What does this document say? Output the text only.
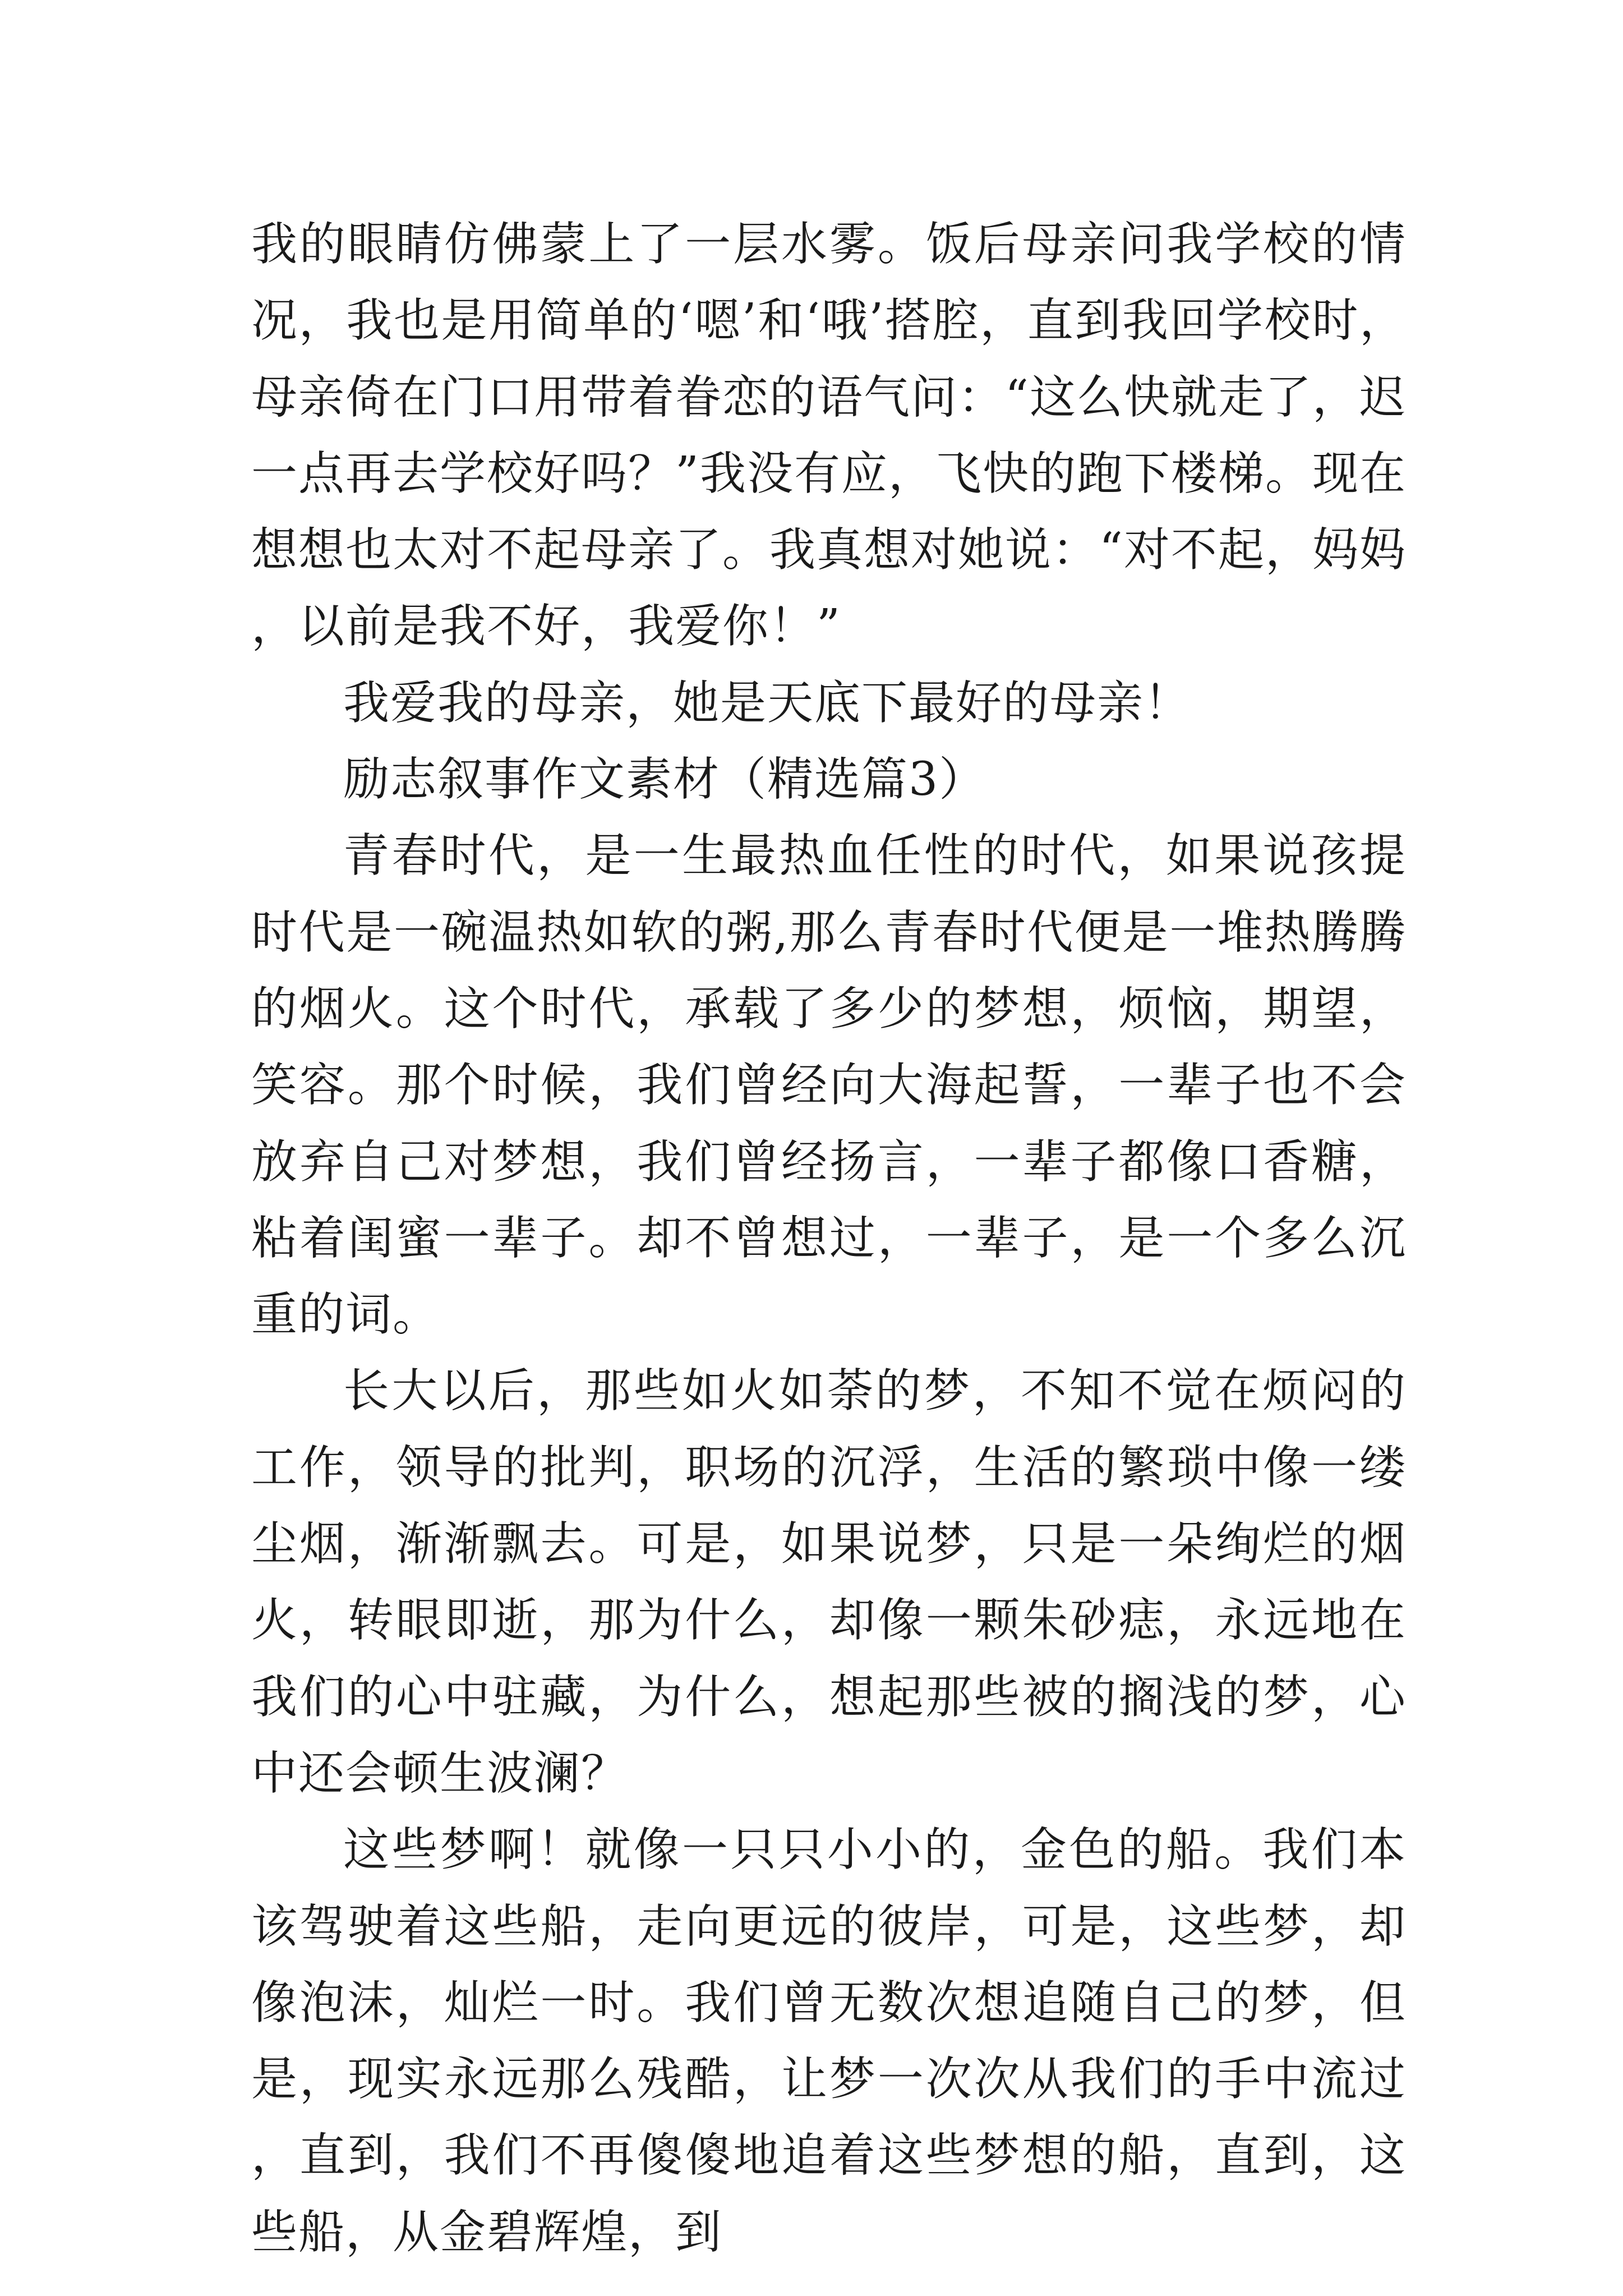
我的眼睛仿佛蒙上了一层水雾。饭后母亲问我学校的情况，我也是用简单的‘嗯’和‘哦’搭腔，直到我回学校时，母亲倚在门口用带着眷恋的语气问：“这么快就走了，迟一点再去学校好吗？”我没有应，飞快的跑下楼梯。现在想想也太对不起母亲了。我真想对她说：“对不起，妈妈，以前是我不好，我爱你！”

我爱我的母亲，她是天底下最好的母亲！

励志叙事作文素材（精选篇3）

青春时代，是一生最热血任性的时代，如果说孩提时代是一碗温热如软的粥,那么青春时代便是一堆热腾腾的烟火。这个时代，承载了多少的梦想，烦恼，期望，笑容。那个时候，我们曾经向大海起誓，一辈子也不会放弃自己对梦想，我们曾经扬言，一辈子都像口香糖，粘着闺蜜一辈子。却不曾想过，一辈子，是一个多么沉重的词。

长大以后，那些如火如荼的梦，不知不觉在烦闷的工作，领导的批判，职场的沉浮，生活的繁琐中像一缕尘烟，渐渐飘去。可是，如果说梦，只是一朵绚烂的烟火，转眼即逝，那为什么，却像一颗朱砂痣，永远地在我们的心中驻藏，为什么，想起那些被的搁浅的梦，心中还会顿生波澜？

这些梦啊！就像一只只小小的，金色的船。我们本该驾驶着这些船，走向更远的彼岸，可是，这些梦，却像泡沫，灿烂一时。我们曾无数次想追随自己的梦，但是，现实永远那么残酷，让梦一次次从我们的手中流过，直到，我们不再傻傻地追着这些梦想的船，直到，这些船，从金碧辉煌，到
